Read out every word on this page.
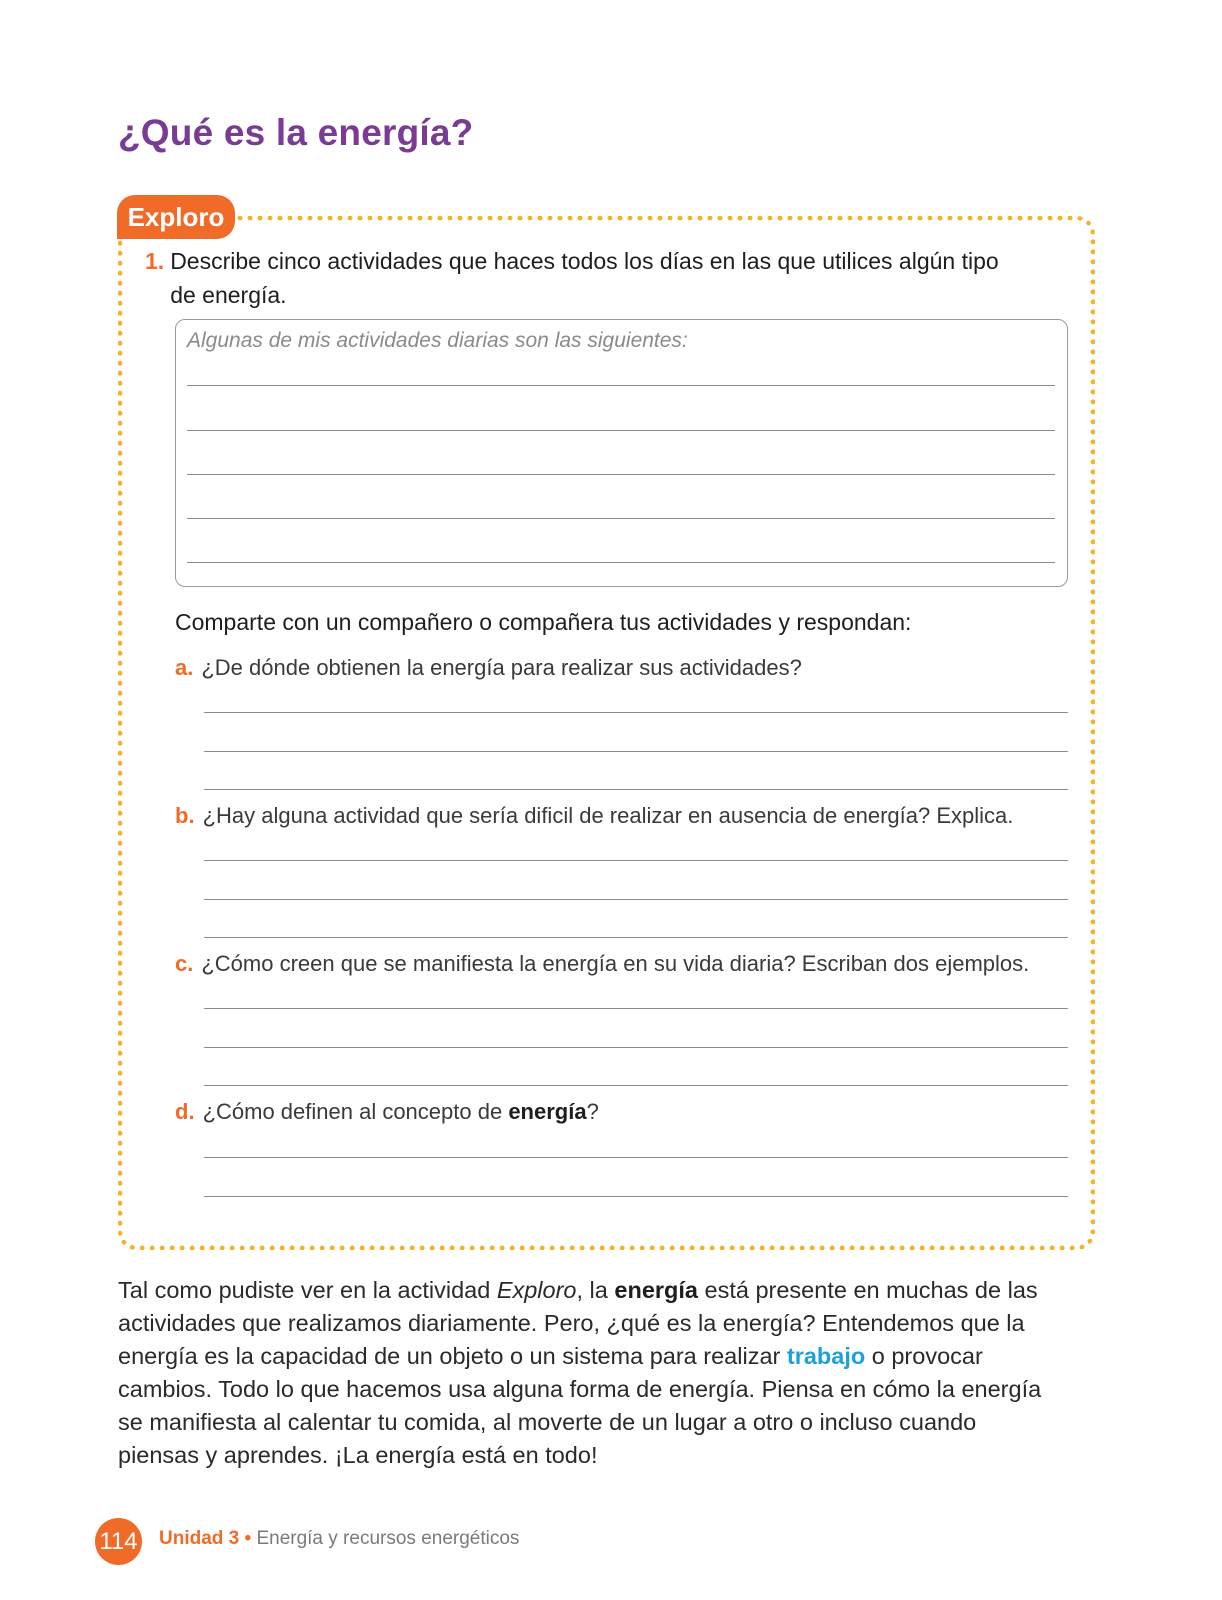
¿Qué es la energía?
Exploro
1. Describe cinco actividades que haces todos los días en las que utilices algún tipo de energía.
Algunas de mis actividades diarias son las siguientes:
Comparte con un compañero o compañera tus actividades y respondan:
a. ¿De dónde obtienen la energía para realizar sus actividades?
b. ¿Hay alguna actividad que sería dificil de realizar en ausencia de energía? Explica.
c. ¿Cómo creen que se manifiesta la energía en su vida diaria? Escriban dos ejemplos.
d. ¿Cómo definen al concepto de energía?
Tal como pudiste ver en la actividad Exploro, la energía está presente en muchas de las actividades que realizamos diariamente. Pero, ¿qué es la energía? Entendemos que la energía es la capacidad de un objeto o un sistema para realizar trabajo o provocar cambios. Todo lo que hacemos usa alguna forma de energía. Piensa en cómo la energía se manifiesta al calentar tu comida, al moverte de un lugar a otro o incluso cuando piensas y aprendes. ¡La energía está en todo!
114 Unidad 3 • Energía y recursos energéticos
